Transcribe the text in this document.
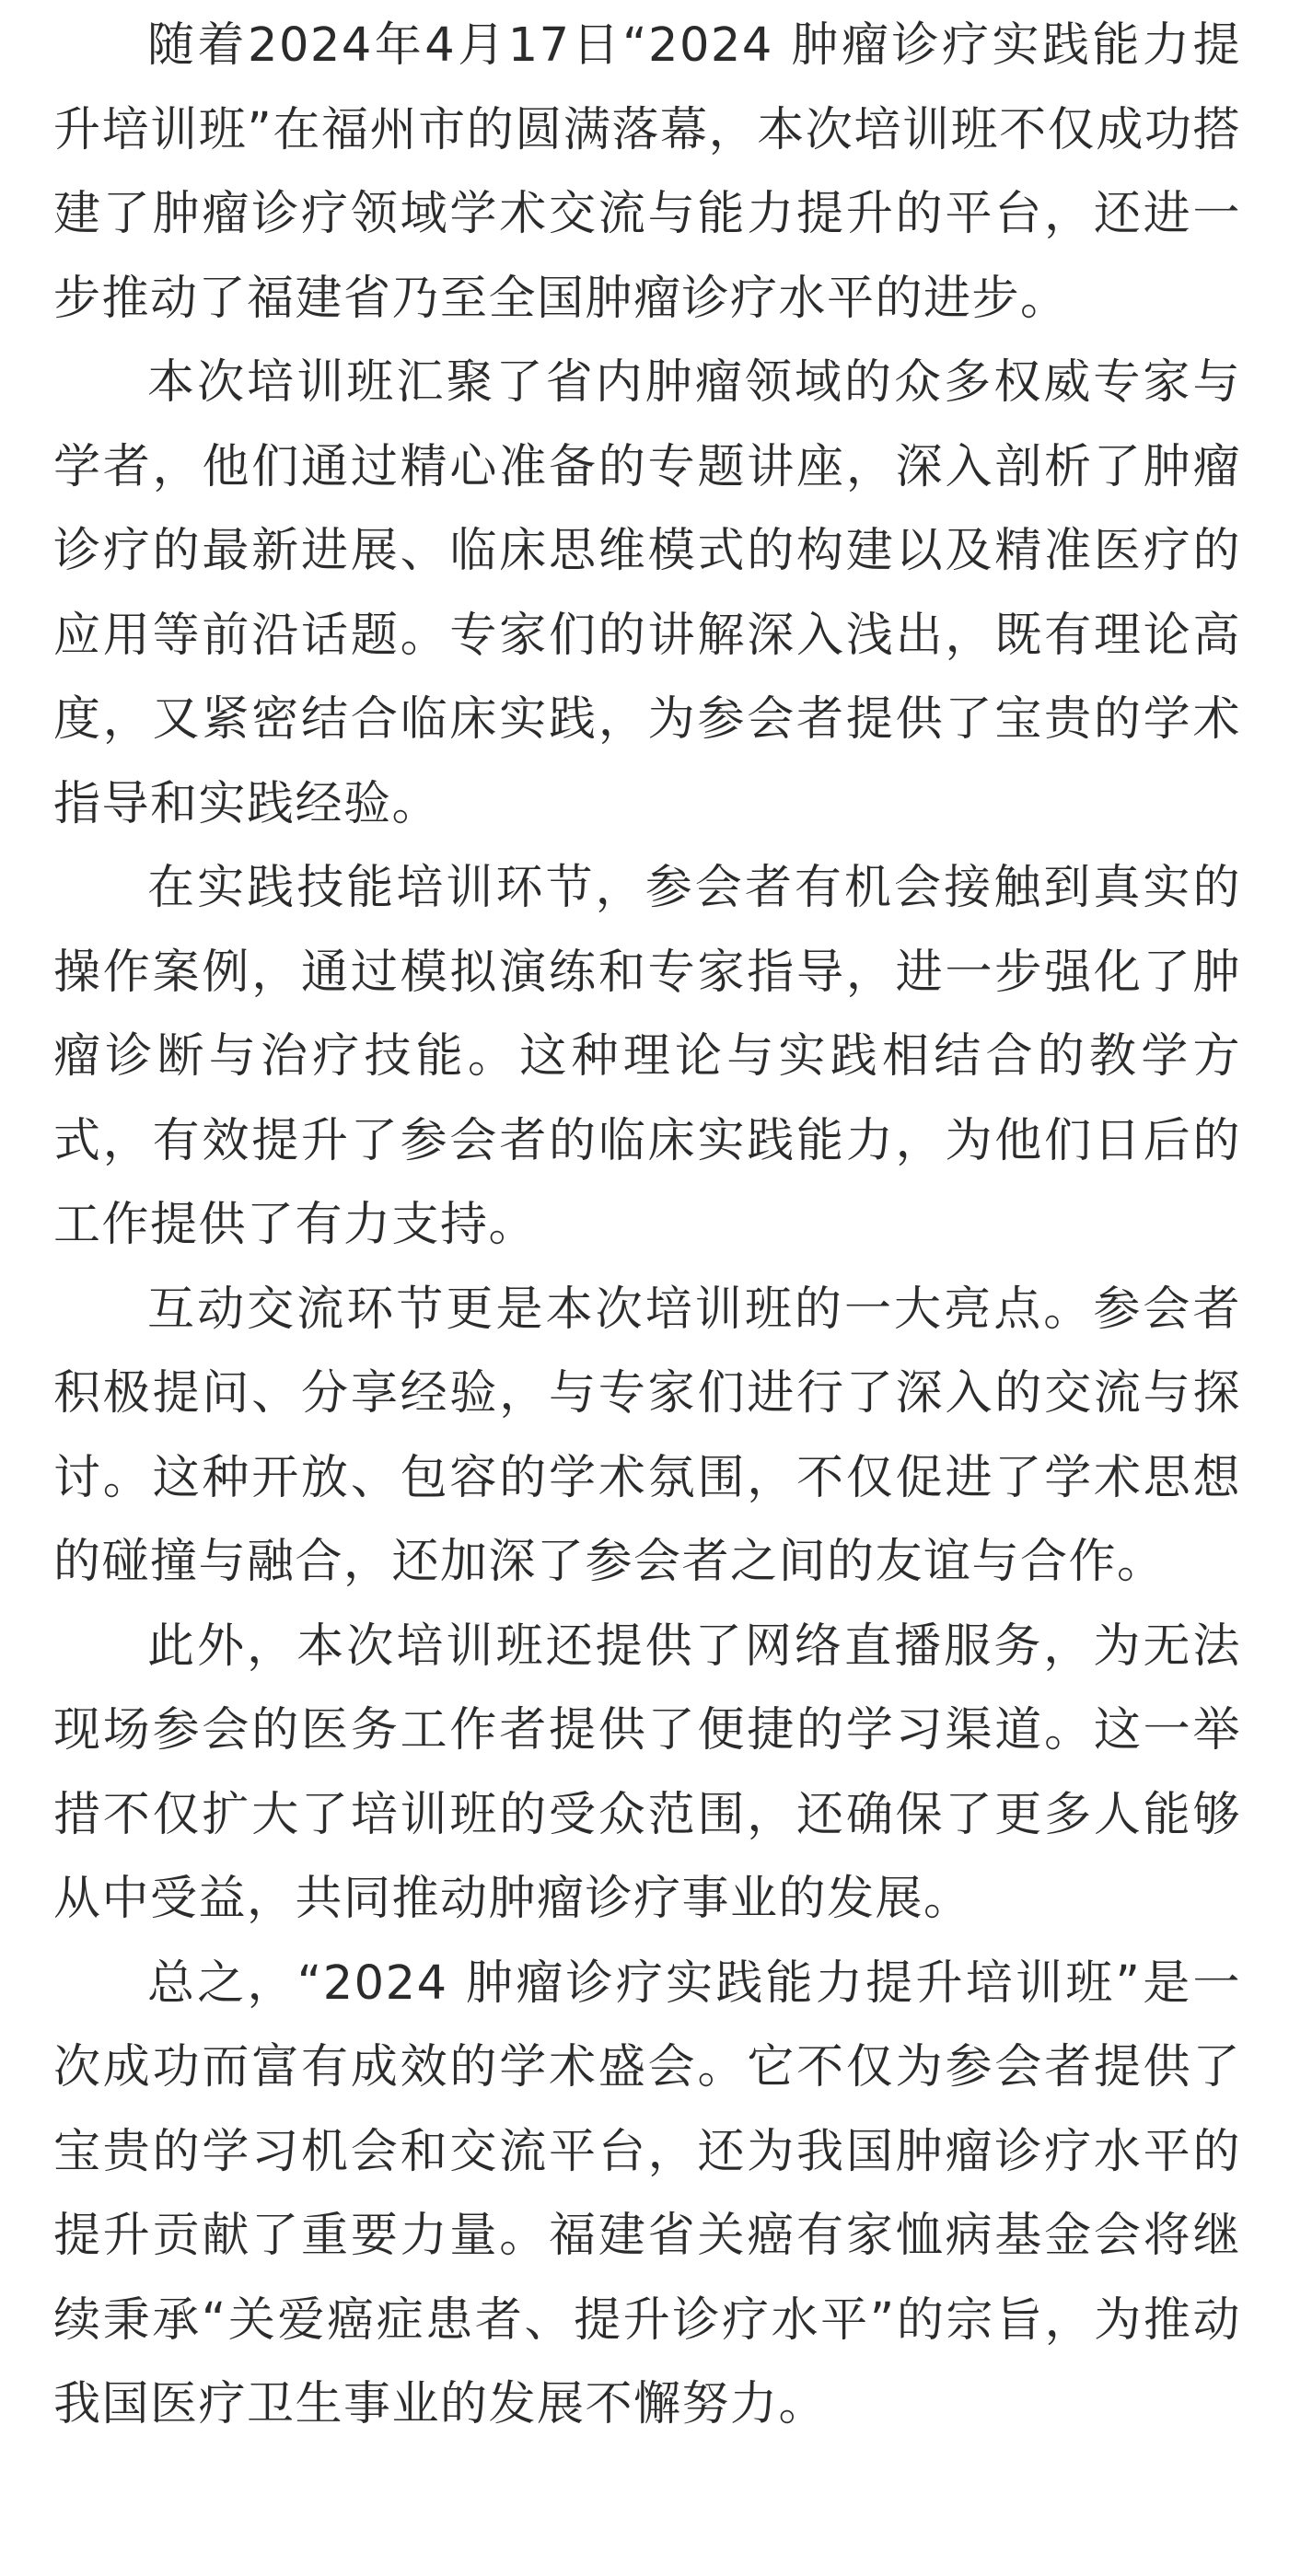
随着2024年4月17日“2024 肿瘤诊疗实践能力提升培训班”在福州市的圆满落幕，本次培训班不仅成功搭建了肿瘤诊疗领域学术交流与能力提升的平台，还进一步推动了福建省乃至全国肿瘤诊疗水平的进步。

本次培训班汇聚了省内肿瘤领域的众多权威专家与学者，他们通过精心准备的专题讲座，深入剖析了肿瘤诊疗的最新进展、临床思维模式的构建以及精准医疗的应用等前沿话题。专家们的讲解深入浅出，既有理论高度，又紧密结合临床实践，为参会者提供了宝贵的学术指导和实践经验。

在实践技能培训环节，参会者有机会接触到真实的操作案例，通过模拟演练和专家指导，进一步强化了肿瘤诊断与治疗技能。这种理论与实践相结合的教学方式，有效提升了参会者的临床实践能力，为他们日后的工作提供了有力支持。

互动交流环节更是本次培训班的一大亮点。参会者积极提问、分享经验，与专家们进行了深入的交流与探讨。这种开放、包容的学术氛围，不仅促进了学术思想的碰撞与融合，还加深了参会者之间的友谊与合作。

此外，本次培训班还提供了网络直播服务，为无法现场参会的医务工作者提供了便捷的学习渠道。这一举措不仅扩大了培训班的受众范围，还确保了更多人能够从中受益，共同推动肿瘤诊疗事业的发展。

总之，“2024 肿瘤诊疗实践能力提升培训班”是一次成功而富有成效的学术盛会。它不仅为参会者提供了宝贵的学习机会和交流平台，还为我国肿瘤诊疗水平的提升贡献了重要力量。福建省关癌有家恤病基金会将继续秉承“关爱癌症患者、提升诊疗水平”的宗旨，为推动我国医疗卫生事业的发展不懈努力。
